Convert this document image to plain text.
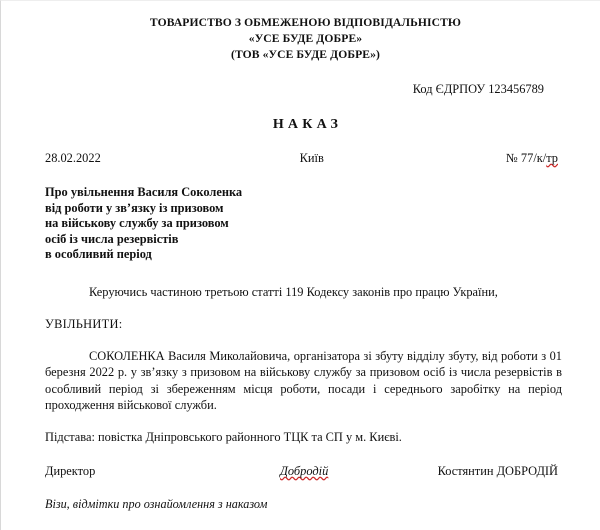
ТОВАРИСТВО З ОБМЕЖЕНОЮ ВІДПОВІДАЛЬНІСТЮ
«УСЕ БУДЕ ДОБРЕ»
(ТОВ «УСЕ БУДЕ ДОБРЕ»)
Код ЄДРПОУ 123456789
НАКАЗ
28.02.2022	Київ	№ 77/к/тр
Про увільнення Василя Соколенка
від роботи у зв’язку із призовом
на військову службу за призовом
осіб із числа резервістів
в особливий період
Керуючись частиною третьою статті 119 Кодексу законів про працю України,
УВІЛЬНИТИ:
СОКОЛЕНКА Василя Миколайовича, організатора зі збуту відділу збуту, від роботи з 01 березня 2022 р. у зв’язку з призовом на військову службу за призовом осіб із числа резервістів в особливий період зі збереженням місця роботи, посади і середнього заробітку на період проходження військової служби.
Підстава: повістка Дніпровського районного ТЦК та СП у м. Києві.
Директор	Добродій	Костянтин ДОБРОДІЙ
Візи, відмітки про ознайомлення з наказом
